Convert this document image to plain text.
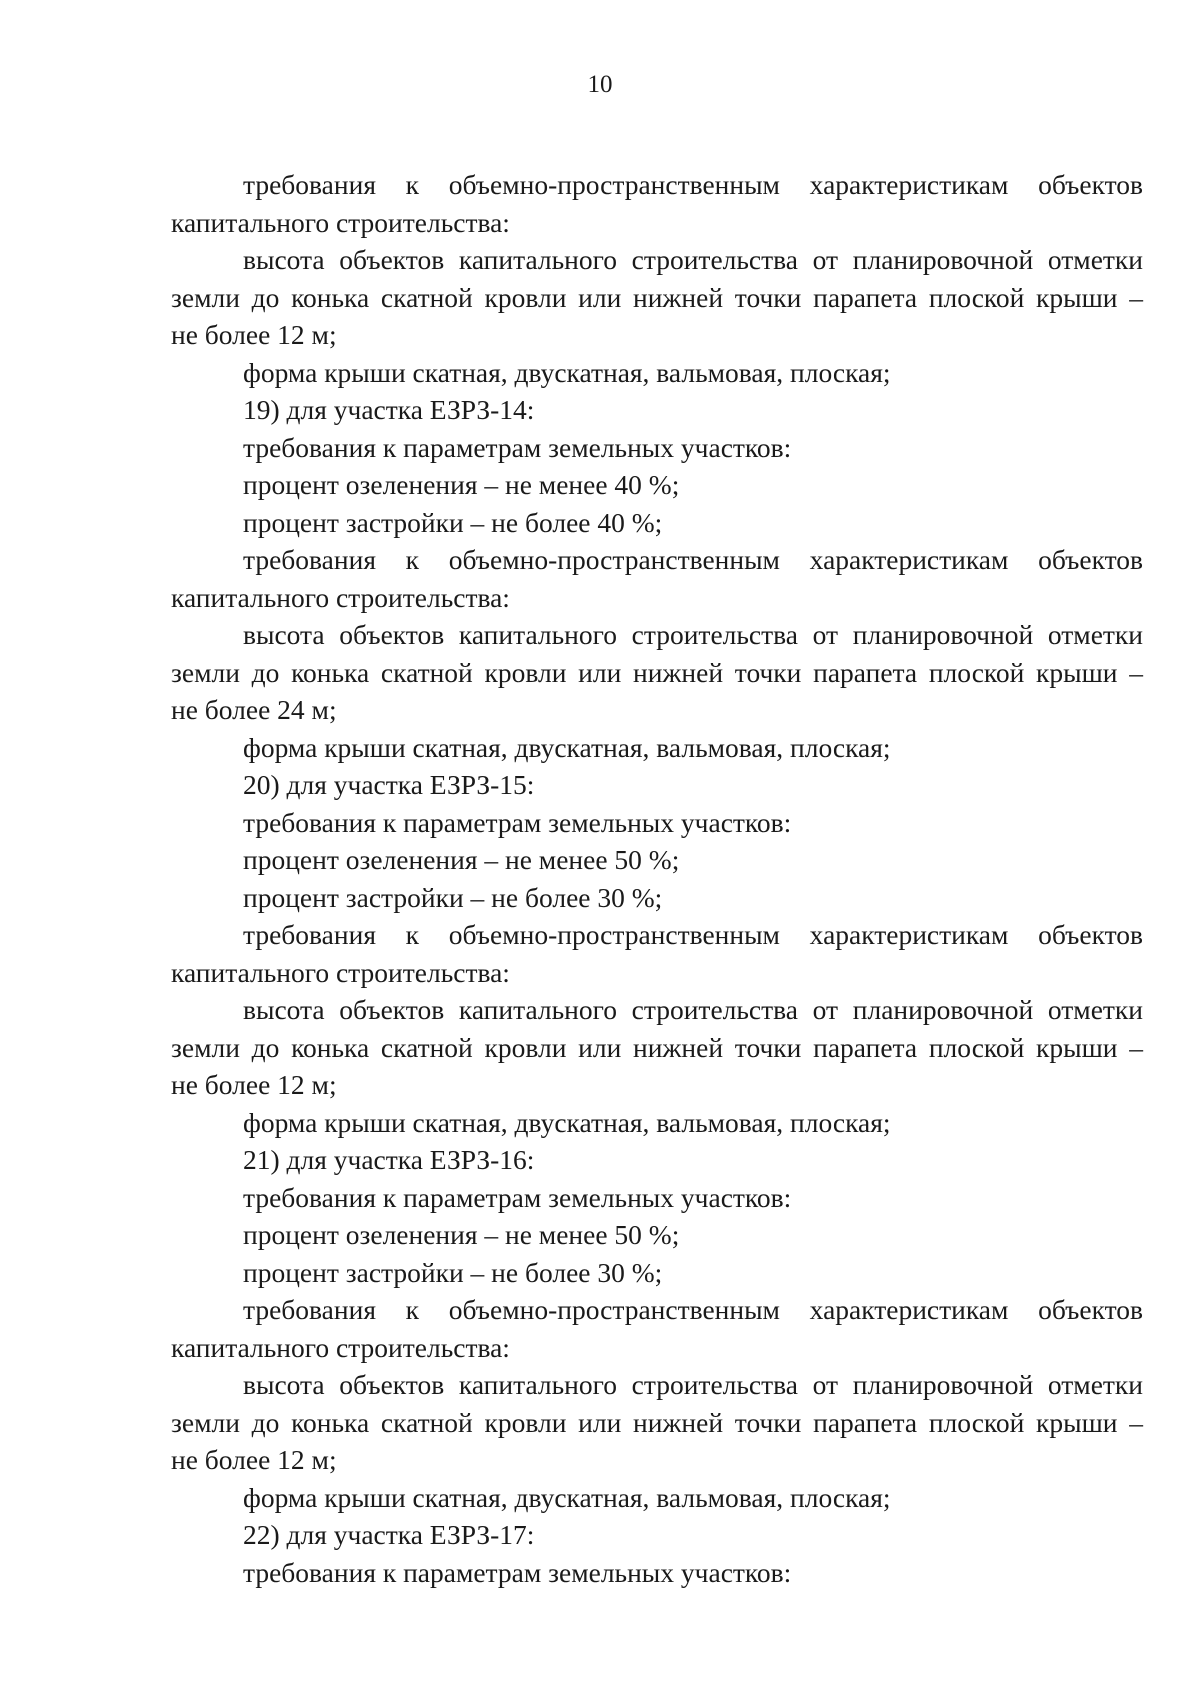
10
требования к объемно-пространственным характеристикам объектов
капитального строительства:
высота объектов капитального строительства от планировочной отметки
земли до конька скатной кровли или нижней точки парапета плоской крыши –
не более 12 м;
форма крыши скатная, двускатная, вальмовая, плоская;
19) для участка ЕЗРЗ-14:
требования к параметрам земельных участков:
процент озеленения – не менее 40 %;
процент застройки – не более 40 %;
требования к объемно-пространственным характеристикам объектов
капитального строительства:
высота объектов капитального строительства от планировочной отметки
земли до конька скатной кровли или нижней точки парапета плоской крыши –
не более 24 м;
форма крыши скатная, двускатная, вальмовая, плоская;
20) для участка ЕЗРЗ-15:
требования к параметрам земельных участков:
процент озеленения – не менее 50 %;
процент застройки – не более 30 %;
требования к объемно-пространственным характеристикам объектов
капитального строительства:
высота объектов капитального строительства от планировочной отметки
земли до конька скатной кровли или нижней точки парапета плоской крыши –
не более 12 м;
форма крыши скатная, двускатная, вальмовая, плоская;
21) для участка ЕЗРЗ-16:
требования к параметрам земельных участков:
процент озеленения – не менее 50 %;
процент застройки – не более 30 %;
требования к объемно-пространственным характеристикам объектов
капитального строительства:
высота объектов капитального строительства от планировочной отметки
земли до конька скатной кровли или нижней точки парапета плоской крыши –
не более 12 м;
форма крыши скатная, двускатная, вальмовая, плоская;
22) для участка ЕЗРЗ-17:
требования к параметрам земельных участков:
